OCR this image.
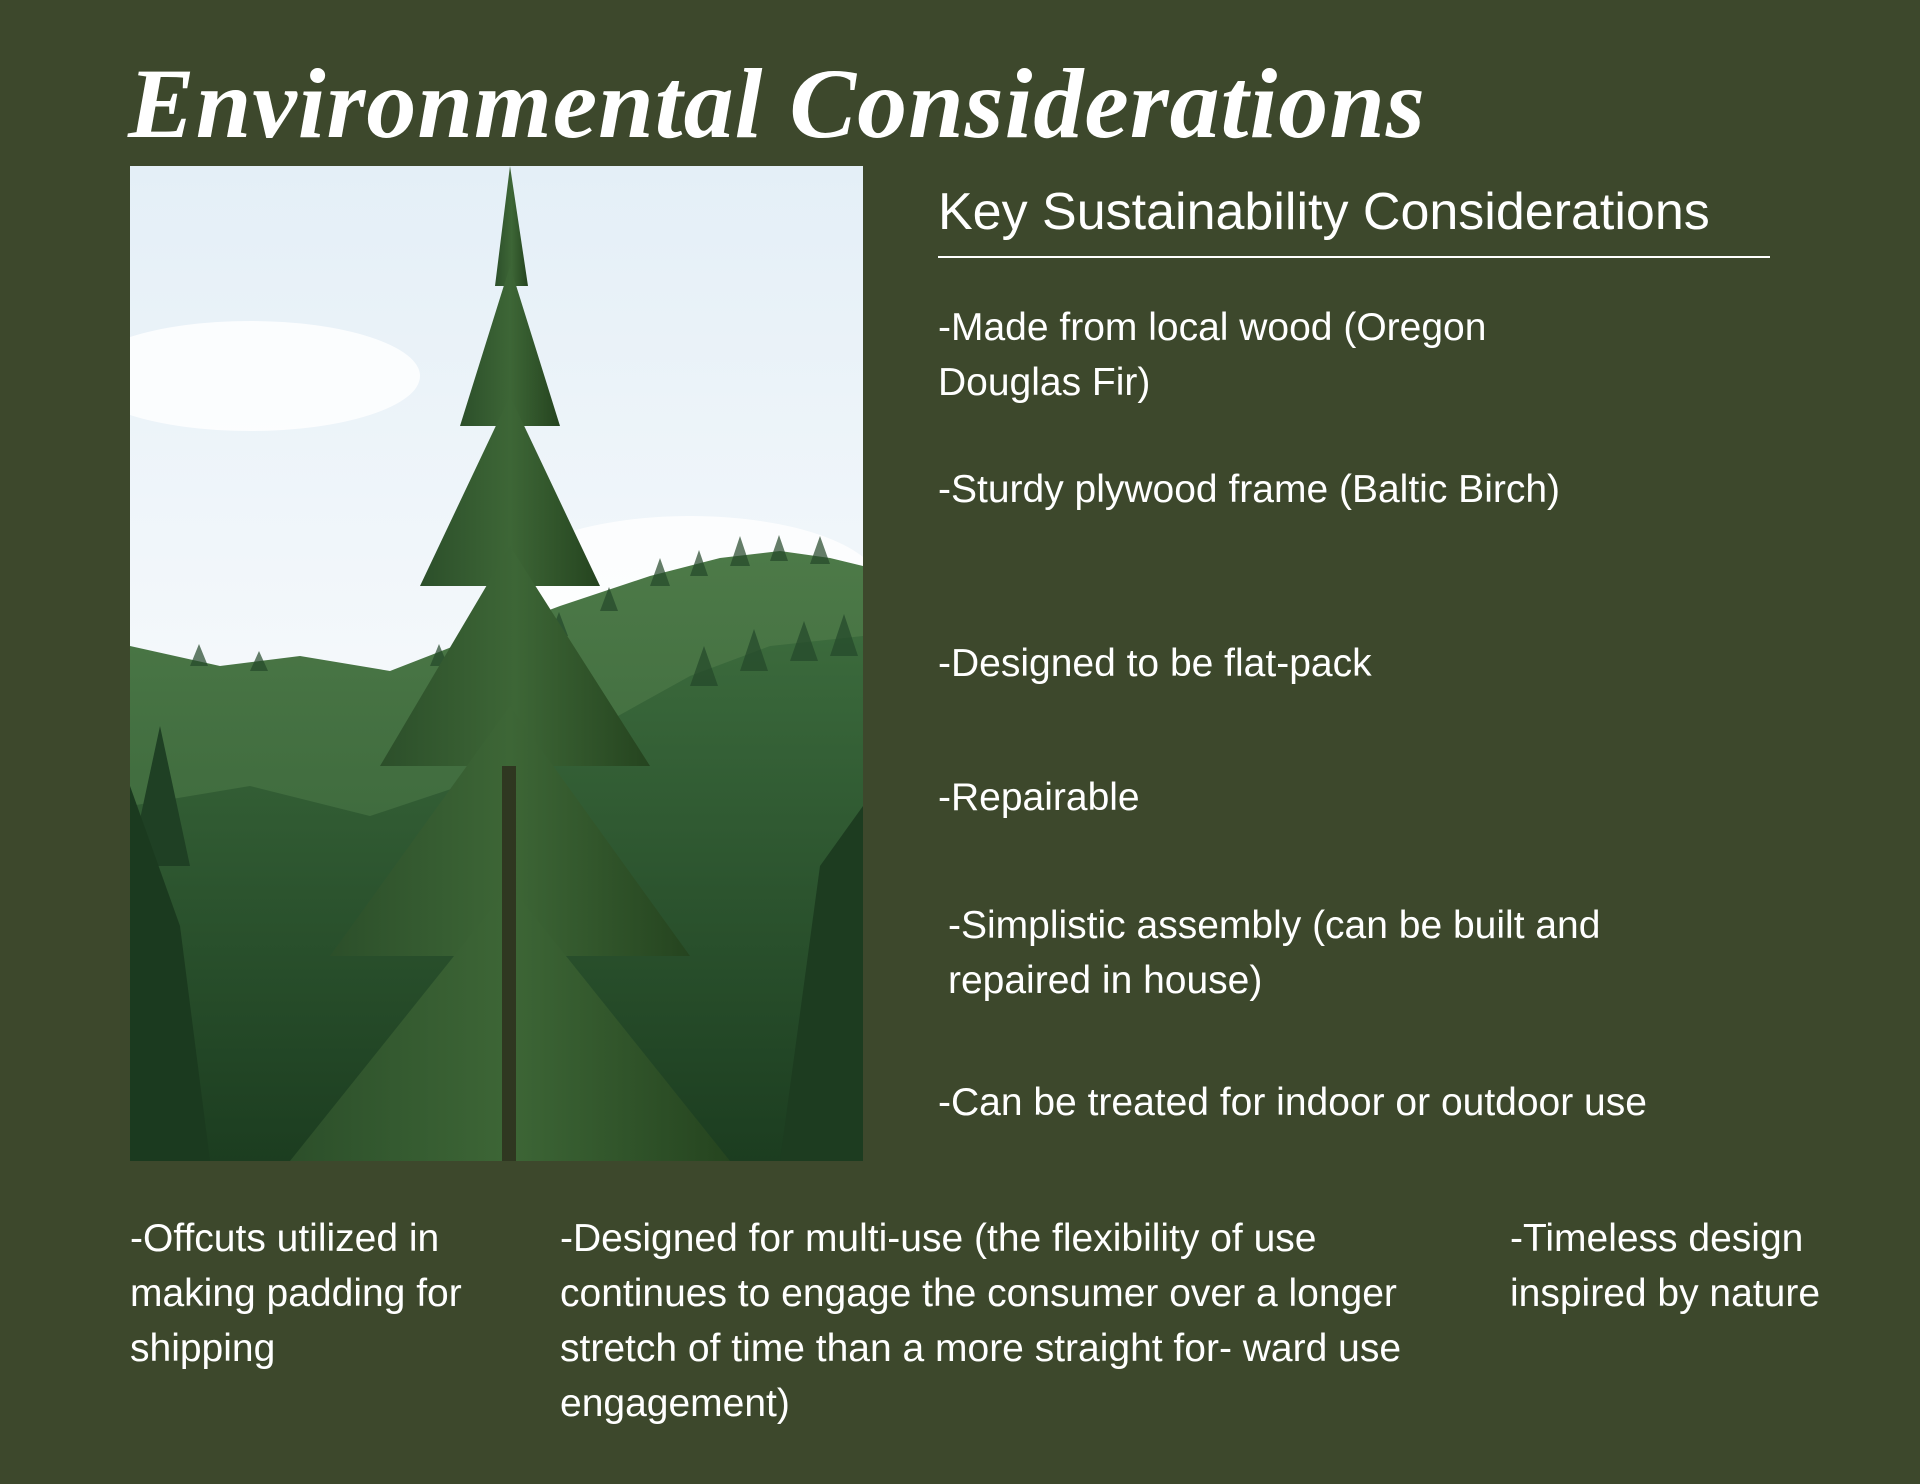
Environmental Considerations
Key Sustainability Considerations

-Made from local wood (Oregon Douglas Fir)

-Sturdy plywood frame (Baltic Birch)

-Designed to be flat-pack

-Repairable

-Simplistic assembly (can be built and repaired in house)

-Can be treated for indoor or outdoor use

-Offcuts utilized in making padding for shipping

-Designed for multi-use (the flexibility of use continues to engage the consumer over a longer stretch of time than a more straight for- ward use engagement)

-Timeless design inspired by nature
